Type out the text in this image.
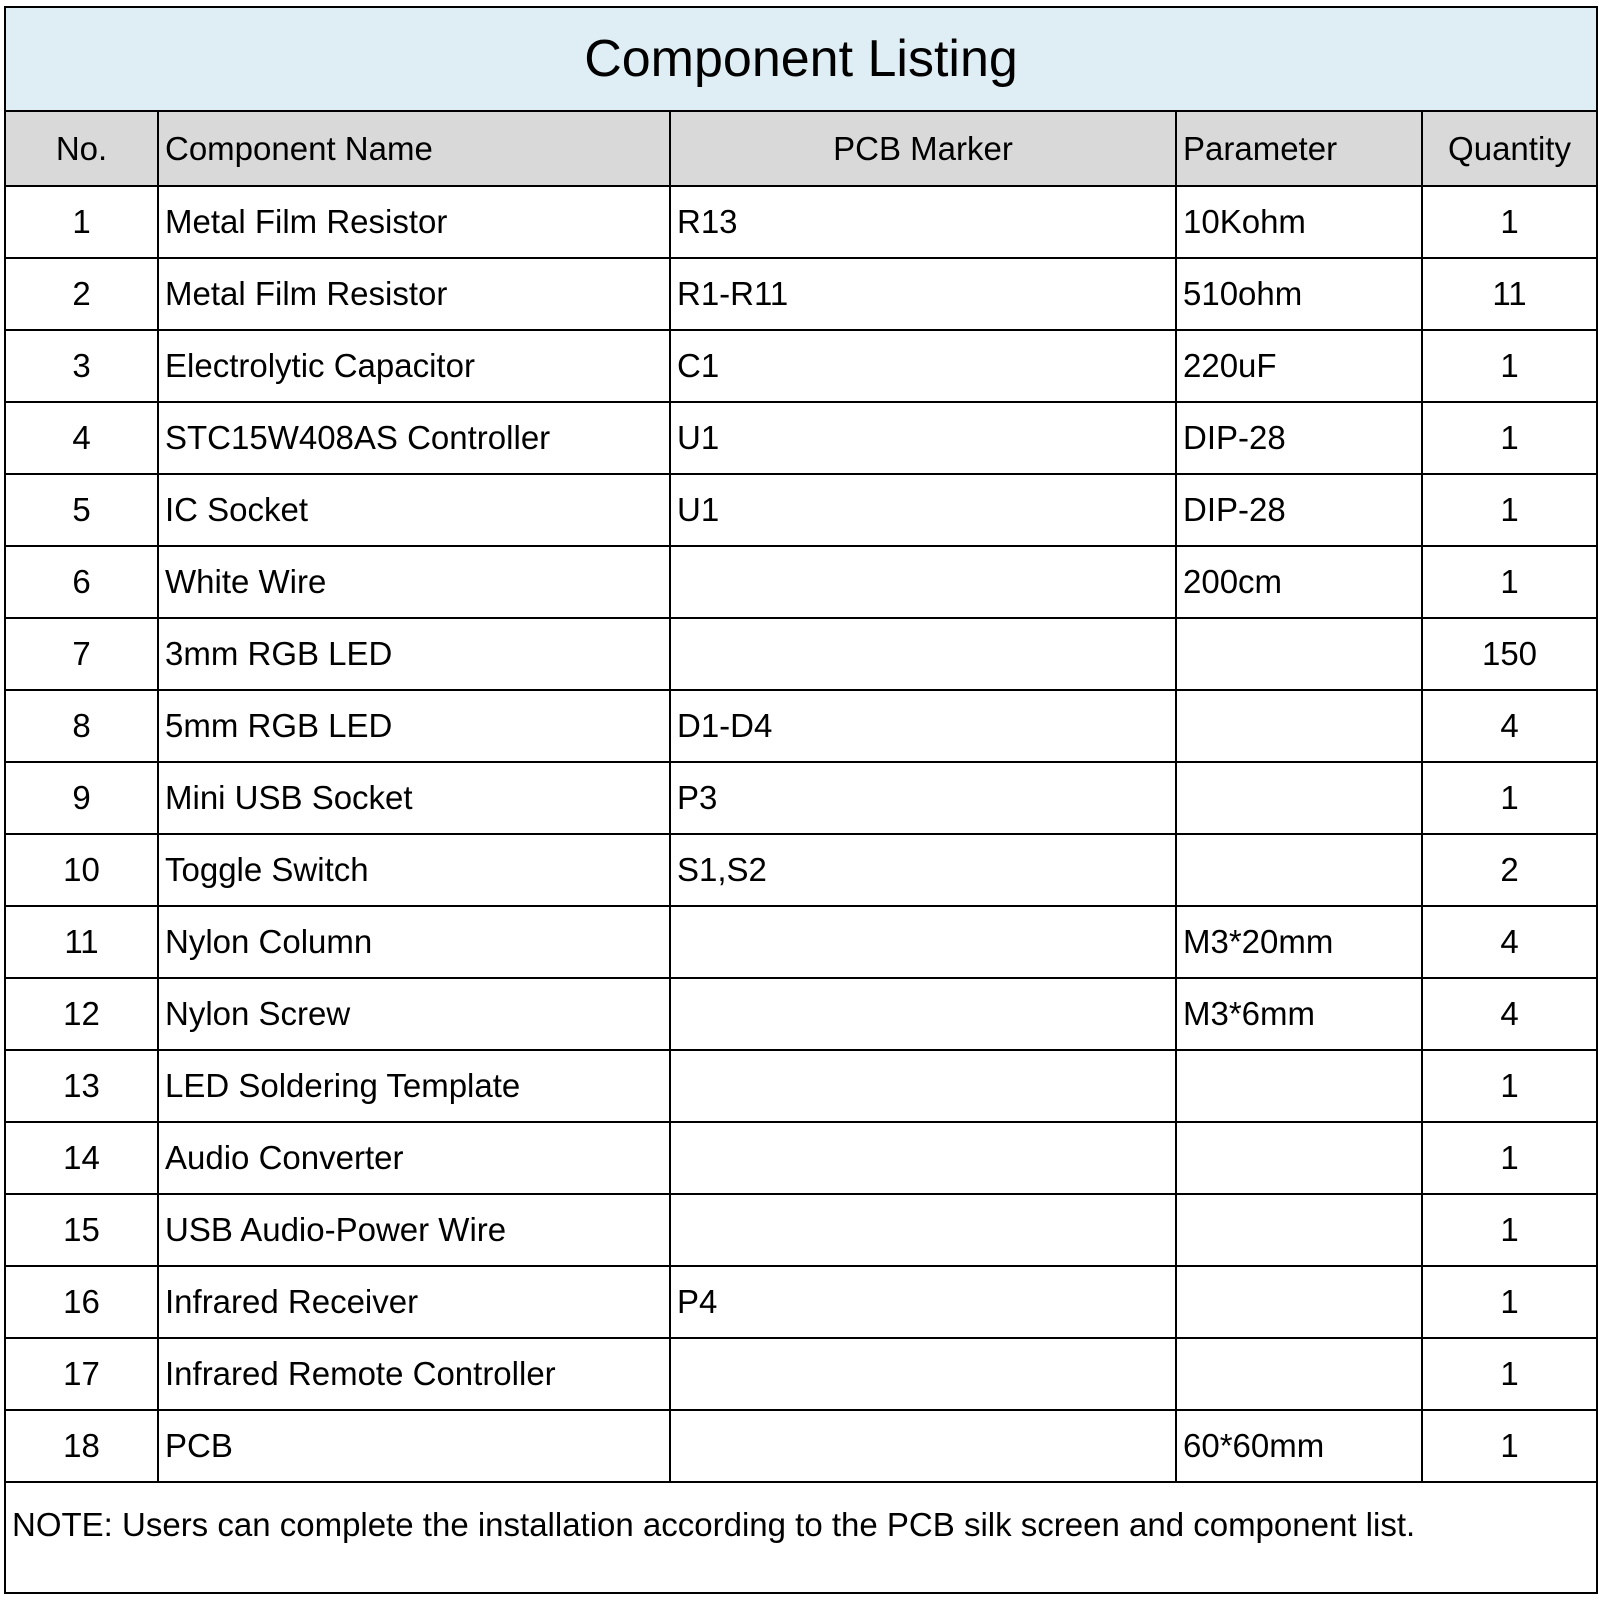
Component Listing
No.	Component Name	PCB Marker	Parameter	Quantity
1	Metal Film Resistor	R13	10Kohm	1
2	Metal Film Resistor	R1-R11	510ohm	11
3	Electrolytic Capacitor	C1	220uF	1
4	STC15W408AS Controller	U1	DIP-28	1
5	IC Socket	U1	DIP-28	1
6	White Wire		200cm	1
7	3mm RGB LED			150
8	5mm RGB LED	D1-D4		4
9	Mini USB Socket	P3		1
10	Toggle Switch	S1,S2		2
11	Nylon Column		M3*20mm	4
12	Nylon Screw		M3*6mm	4
13	LED Soldering Template			1
14	Audio Converter			1
15	USB Audio-Power Wire			1
16	Infrared Receiver	P4		1
17	Infrared Remote Controller			1
18	PCB		60*60mm	1
NOTE: Users can complete the installation according to the PCB silk screen and component list.
